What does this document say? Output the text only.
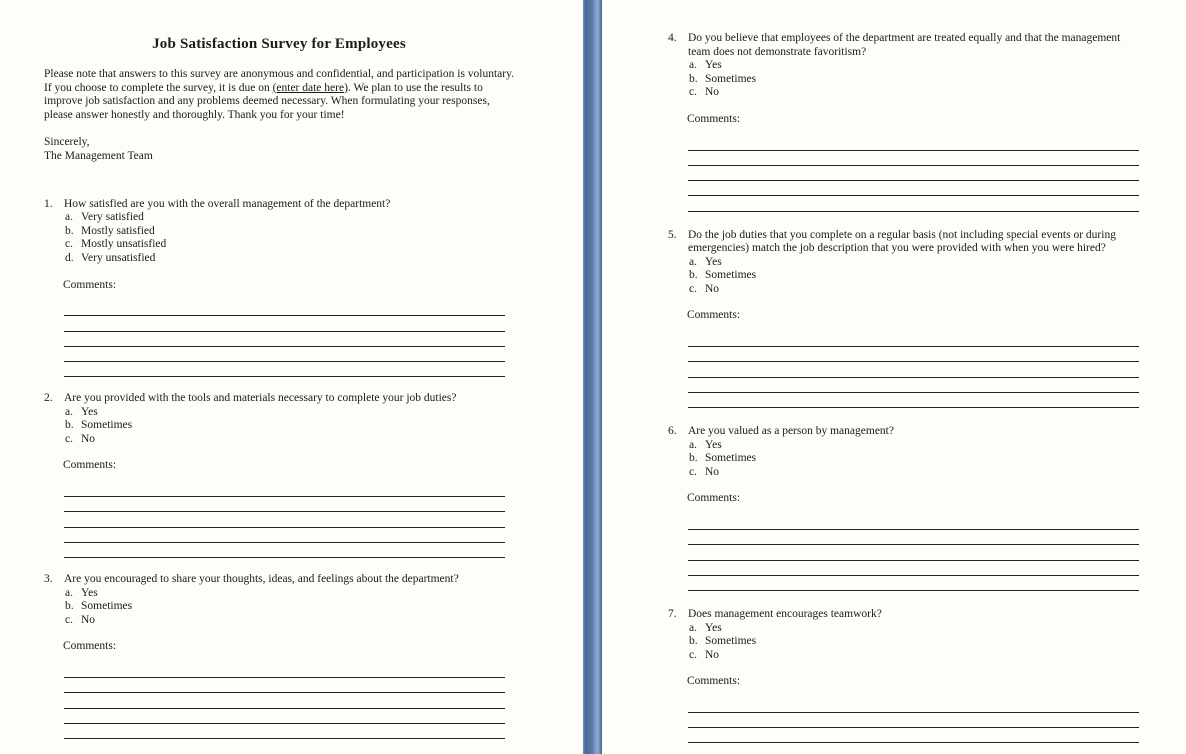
Job Satisfaction Survey for Employees

Please note that answers to this survey are anonymous and confidential, and participation is voluntary. If you choose to complete the survey, it is due on (enter date here). We plan to use the results to improve job satisfaction and any problems deemed necessary. When formulating your responses, please answer honestly and thoroughly. Thank you for your time!

Sincerely,
The Management Team
1. How satisfied are you with the overall management of the department?
a. Very satisfied
b. Mostly satisfied
c. Mostly unsatisfied
d. Very unsatisfied
Comments:
2. Are you provided with the tools and materials necessary to complete your job duties?
a. Yes
b. Sometimes
c. No
Comments:
3. Are you encouraged to share your thoughts, ideas, and feelings about the department?
a. Yes
b. Sometimes
c. No
Comments:
4. Do you believe that employees of the department are treated equally and that the management team does not demonstrate favoritism?
a. Yes
b. Sometimes
c. No
Comments:
5. Do the job duties that you complete on a regular basis (not including special events or during emergencies) match the job description that you were provided with when you were hired?
a. Yes
b. Sometimes
c. No
Comments:
6. Are you valued as a person by management?
a. Yes
b. Sometimes
c. No
Comments:
7. Does management encourages teamwork?
a. Yes
b. Sometimes
c. No
Comments:
